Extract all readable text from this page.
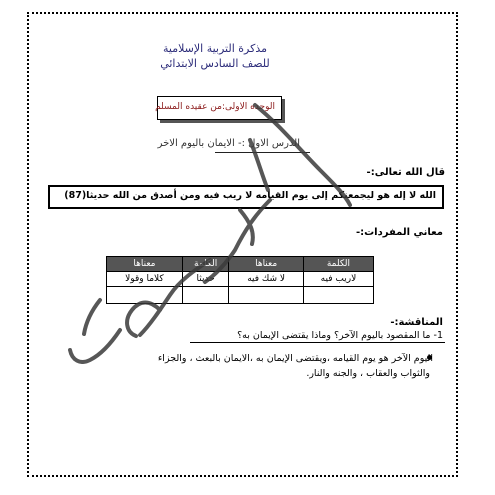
مذكرة التربية الإسلامية
للصف السادس الابتدائي
الوحده الاولى:من عقيده المسلم
الدرس الاول :- الايمان باليوم الاخر
قال الله تعالى:-
الله لا إله هو ليجمعنكم إلى يوم القيامه لا ريب فيه ومن أصدق من الله حديثا(87)
معاني المفردات:-
الكلمة	معناها	الكلمة	معناها
لاريب فيه	لا شك فيه	حديثا	كلاما وقولا

المناقشة:-
1- ما المقصود باليوم الآخر؟ وماذا يقتضى الإيمان به؟
اليوم الآخر هو يوم القيامه ،ويقتضى الإيمان به ،الايمان بالبعث ، والجزاء
والثواب والعقاب ، والجنه والنار.
